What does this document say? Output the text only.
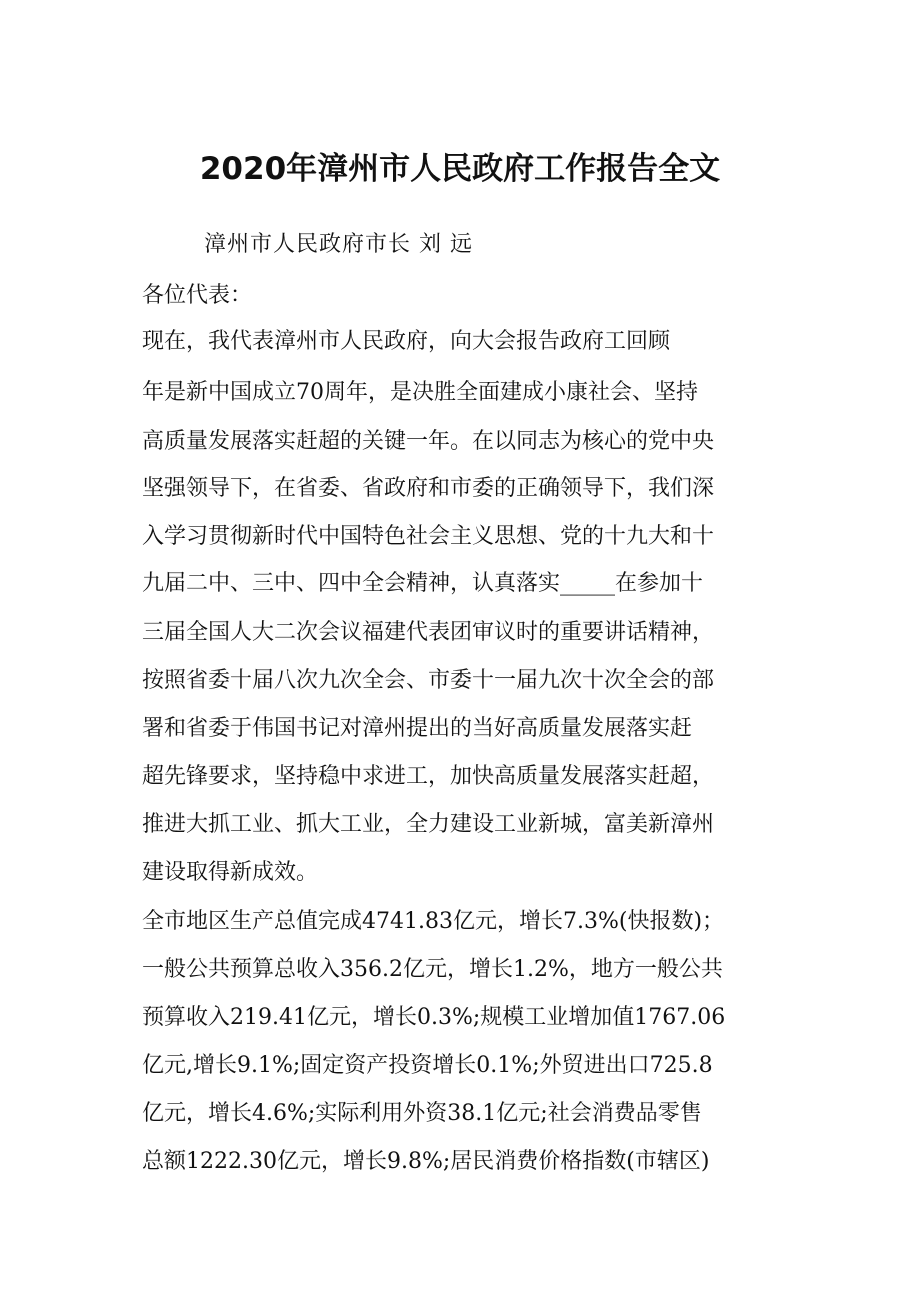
2020年漳州市人民政府工作报告全文
漳州市人民政府市长 刘 远
各位代表：
现在，我代表漳州市人民政府，向大会报告政府工回顾
年是新中国成立70周年，是决胜全面建成小康社会、坚持
高质量发展落实赶超的关键一年。在以同志为核心的党中央
坚强领导下，在省委、省政府和市委的正确领导下，我们深
入学习贯彻新时代中国特色社会主义思想、党的十九大和十
九届二中、三中、四中全会精神，认真落实_____在参加十
三届全国人大二次会议福建代表团审议时的重要讲话精神，
按照省委十届八次九次全会、市委十一届九次十次全会的部
署和省委于伟国书记对漳州提出的当好高质量发展落实赶
超先锋要求，坚持稳中求进工，加快高质量发展落实赶超，
推进大抓工业、抓大工业，全力建设工业新城，富美新漳州
建设取得新成效。
全市地区生产总值完成4741.83亿元，增长7.3%(快报数)；
一般公共预算总收入356.2亿元，增长1.2%，地方一般公共
预算收入219.41亿元，增长0.3%;规模工业增加值1767.06
亿元,增长9.1%;固定资产投资增长0.1%;外贸进出口725.8
亿元，增长4.6%;实际利用外资38.1亿元;社会消费品零售
总额1222.30亿元，增长9.8%;居民消费价格指数(市辖区)
